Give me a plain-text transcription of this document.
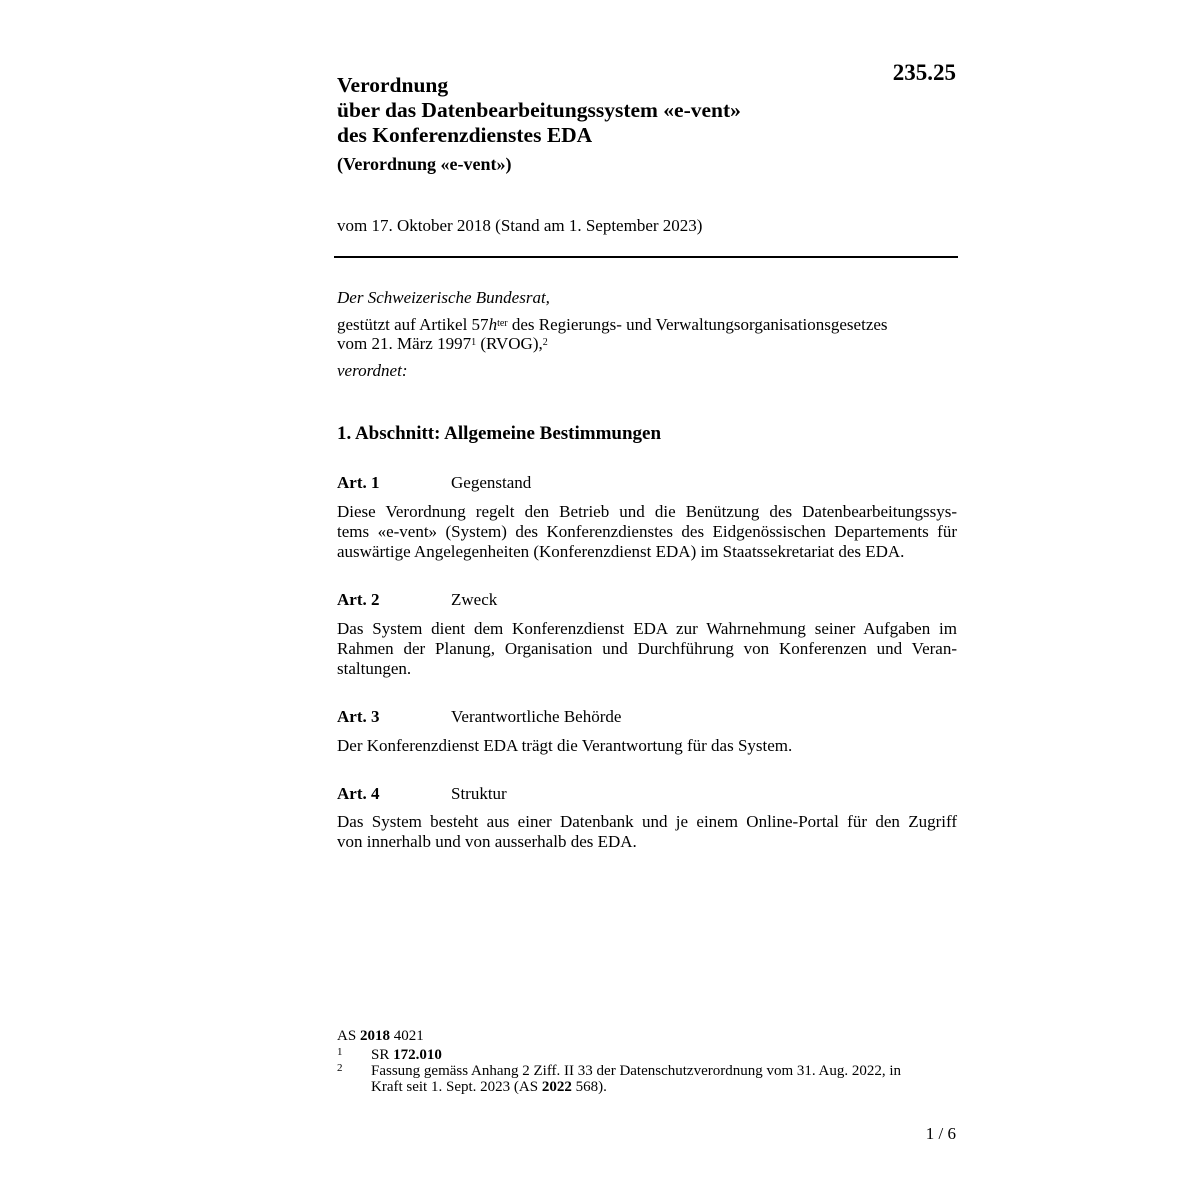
235.25
Verordnung
über das Datenbearbeitungssystem «e-vent»
des Konferenzdienstes EDA
(Verordnung «e-vent»)
vom 17. Oktober 2018 (Stand am 1. September 2023)
Der Schweizerische Bundesrat,
gestützt auf Artikel $57h^{ter}$ des Regierungs- und Verwaltungsorganisationsgesetzes
vom 21. März 1997$^1$ (RVOG),$^2$
verordnet:
1. Abschnitt: Allgemeine Bestimmungen
Art. 1	Gegenstand
Diese Verordnung regelt den Betrieb und die Benützung des Datenbearbeitungssys-
tems «e-vent» (System) des Konferenzdienstes des Eidgenössischen Departements für
auswärtige Angelegenheiten (Konferenzdienst EDA) im Staatssekretariat des EDA.
Art. 2	Zweck
Das System dient dem Konferenzdienst EDA zur Wahrnehmung seiner Aufgaben im
Rahmen der Planung, Organisation und Durchführung von Konferenzen und Veran-
staltungen.
Art. 3	Verantwortliche Behörde
Der Konferenzdienst EDA trägt die Verantwortung für das System.
Art. 4	Struktur
Das System besteht aus einer Datenbank und je einem Online-Portal für den Zugriff
von innerhalb und von ausserhalb des EDA.
AS 2018 4021
1 SR 172.010
2 Fassung gemäss Anhang 2 Ziff. II 33 der Datenschutzverordnung vom 31. Aug. 2022, in
Kraft seit 1. Sept. 2023 (AS 2022 568).
1 / 6
